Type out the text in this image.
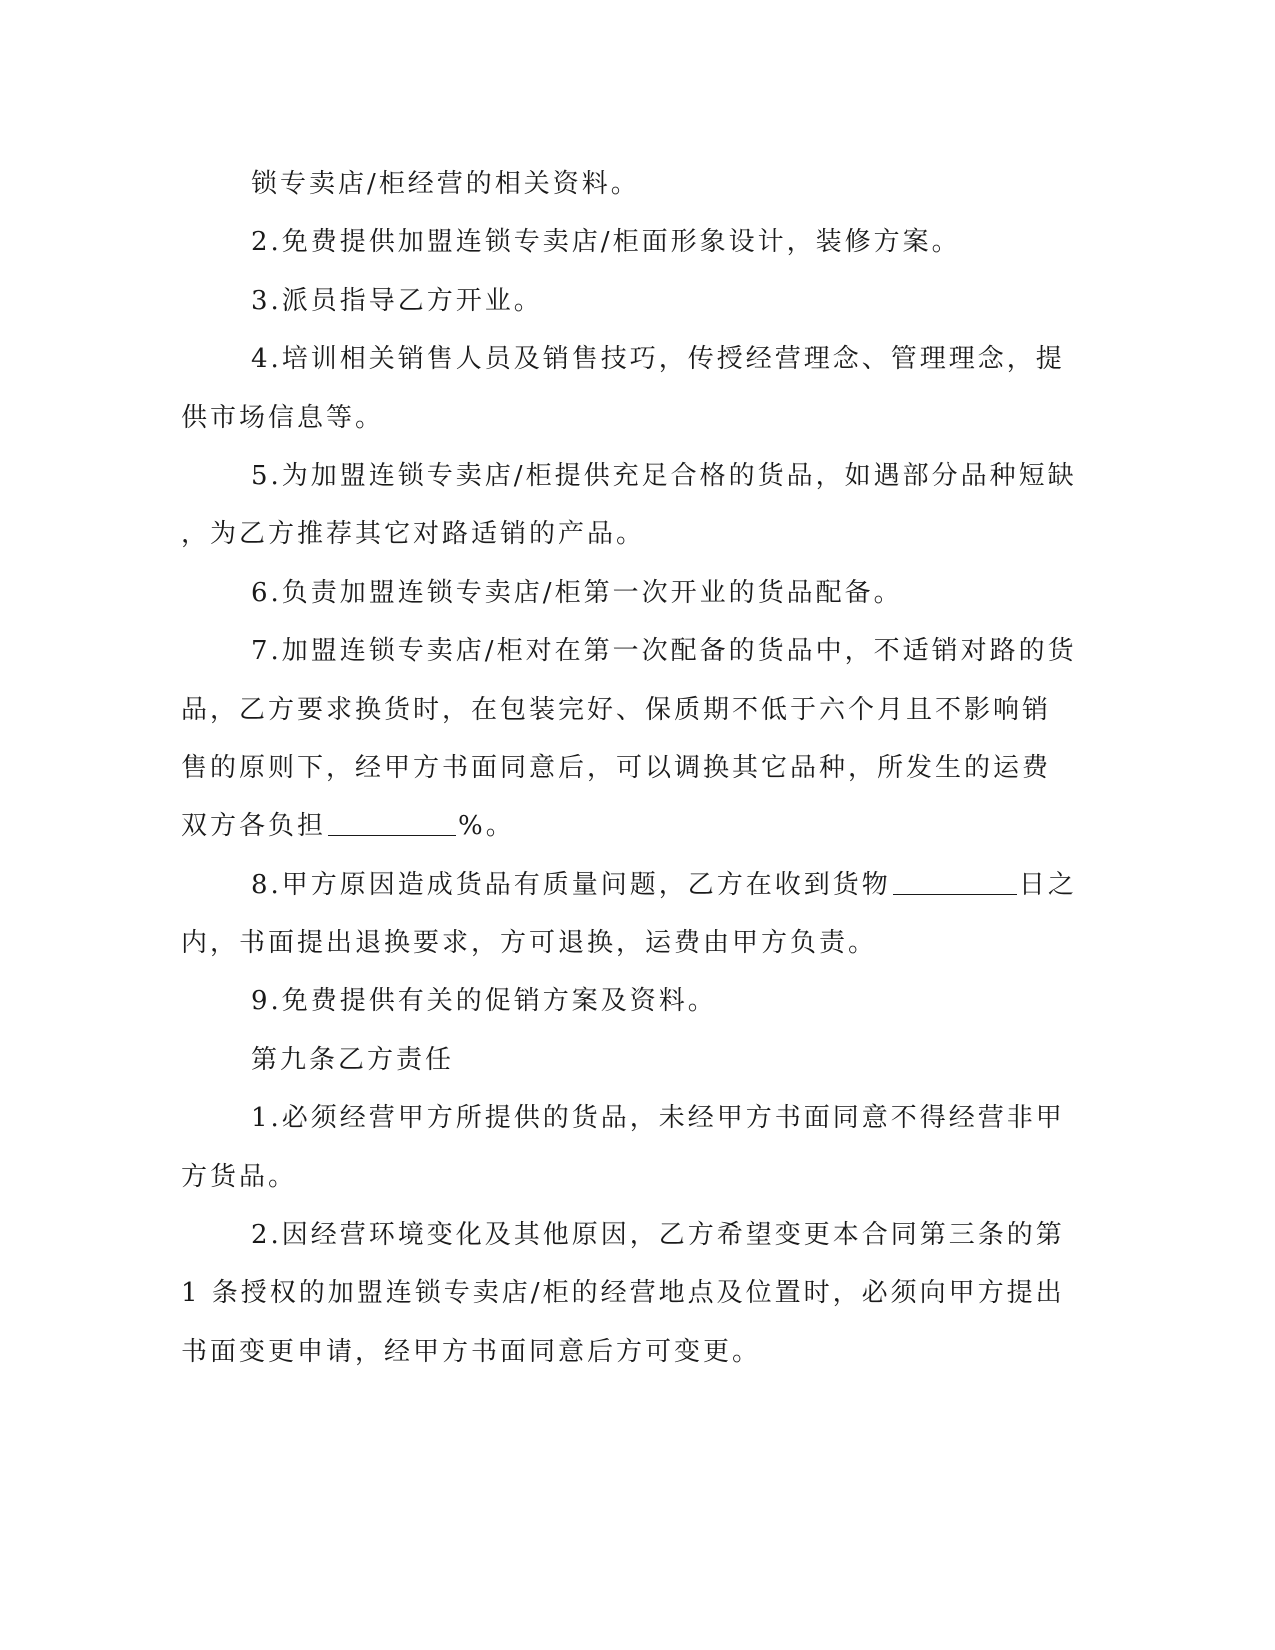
锁专卖店/柜经营的相关资料。
2.免费提供加盟连锁专卖店/柜面形象设计，装修方案。
3.派员指导乙方开业。
4.培训相关销售人员及销售技巧，传授经营理念、管理理念，提
供市场信息等。
5.为加盟连锁专卖店/柜提供充足合格的货品，如遇部分品种短缺
，为乙方推荐其它对路适销的产品。
6.负责加盟连锁专卖店/柜第一次开业的货品配备。
7.加盟连锁专卖店/柜对在第一次配备的货品中，不适销对路的货
品，乙方要求换货时，在包装完好、保质期不低于六个月且不影响销
售的原则下，经甲方书面同意后，可以调换其它品种，所发生的运费
双方各负担	%。
8.甲方原因造成货品有质量问题，乙方在收到货物	日之
内，书面提出退换要求，方可退换，运费由甲方负责。
9.免费提供有关的促销方案及资料。
第九条乙方责任
1.必须经营甲方所提供的货品，未经甲方书面同意不得经营非甲
方货品。
2.因经营环境变化及其他原因，乙方希望变更本合同第三条的第
1 条授权的加盟连锁专卖店/柜的经营地点及位置时，必须向甲方提出
书面变更申请，经甲方书面同意后方可变更。
